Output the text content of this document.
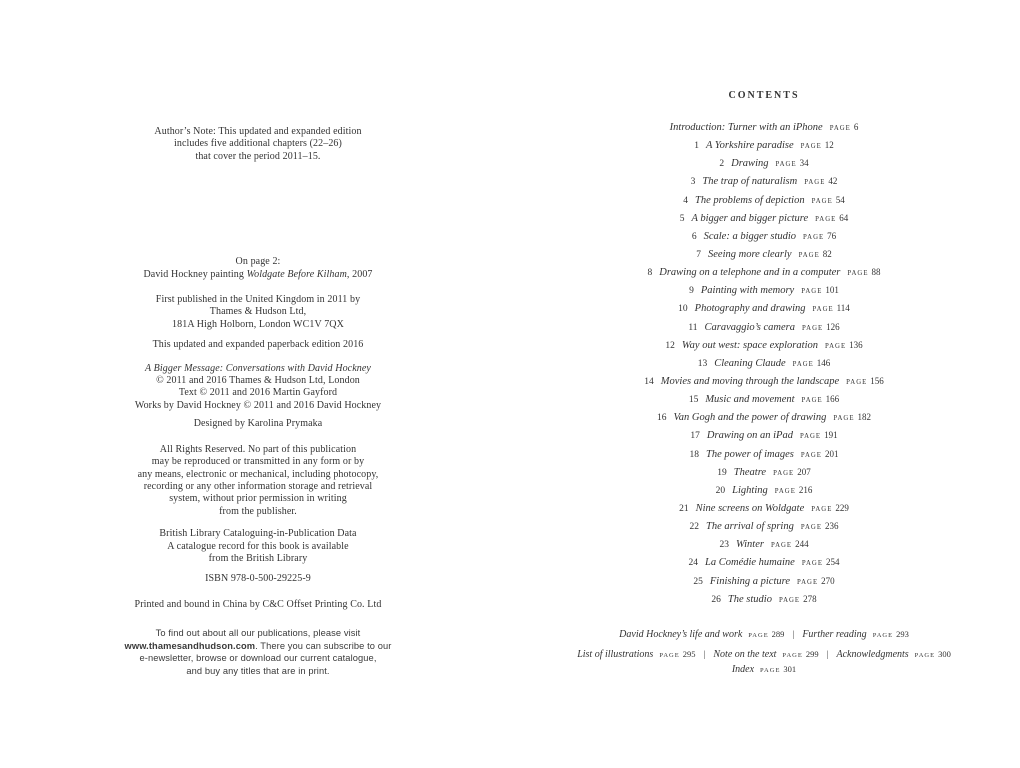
Author’s Note: This updated and expanded edition
includes five additional chapters (22–26)
that cover the period 2011–15.
On page 2:
David Hockney painting Woldgate Before Kilham, 2007
First published in the United Kingdom in 2011 by
Thames & Hudson Ltd,
181A High Holborn, London WC1V 7QX
This updated and expanded paperback edition 2016
A Bigger Message: Conversations with David Hockney
© 2011 and 2016 Thames & Hudson Ltd, London
Text © 2011 and 2016 Martin Gayford
Works by David Hockney © 2011 and 2016 David Hockney
Designed by Karolina Prymaka
All Rights Reserved. No part of this publication
may be reproduced or transmitted in any form or by
any means, electronic or mechanical, including photocopy,
recording or any other information storage and retrieval
system, without prior permission in writing
from the publisher.
British Library Cataloguing-in-Publication Data
A catalogue record for this book is available
from the British Library
ISBN 978-0-500-29225-9
Printed and bound in China by C&C Offset Printing Co. Ltd
To find out about all our publications, please visit
www.thamesandhudson.com. There you can subscribe to our
e-newsletter, browse or download our current catalogue,
and buy any titles that are in print.
CONTENTS
Introduction: Turner with an iPhone PAGE 6
1 A Yorkshire paradise PAGE 12
2 Drawing PAGE 34
3 The trap of naturalism PAGE 42
4 The problems of depiction PAGE 54
5 A bigger and bigger picture PAGE 64
6 Scale: a bigger studio PAGE 76
7 Seeing more clearly PAGE 82
8 Drawing on a telephone and in a computer PAGE 88
9 Painting with memory PAGE 101
10 Photography and drawing PAGE 114
11 Caravaggio’s camera PAGE 126
12 Way out west: space exploration PAGE 136
13 Cleaning Claude PAGE 146
14 Movies and moving through the landscape PAGE 156
15 Music and movement PAGE 166
16 Van Gogh and the power of drawing PAGE 182
17 Drawing on an iPad PAGE 191
18 The power of images PAGE 201
19 Theatre PAGE 207
20 Lighting PAGE 216
21 Nine screens on Woldgate PAGE 229
22 The arrival of spring PAGE 236
23 Winter PAGE 244
24 La Comédie humaine PAGE 254
25 Finishing a picture PAGE 270
26 The studio PAGE 278
David Hockney’s life and work PAGE 289 | Further reading PAGE 293
List of illustrations PAGE 295 | Note on the text PAGE 299 | Acknowledgments PAGE 300
Index PAGE 301
